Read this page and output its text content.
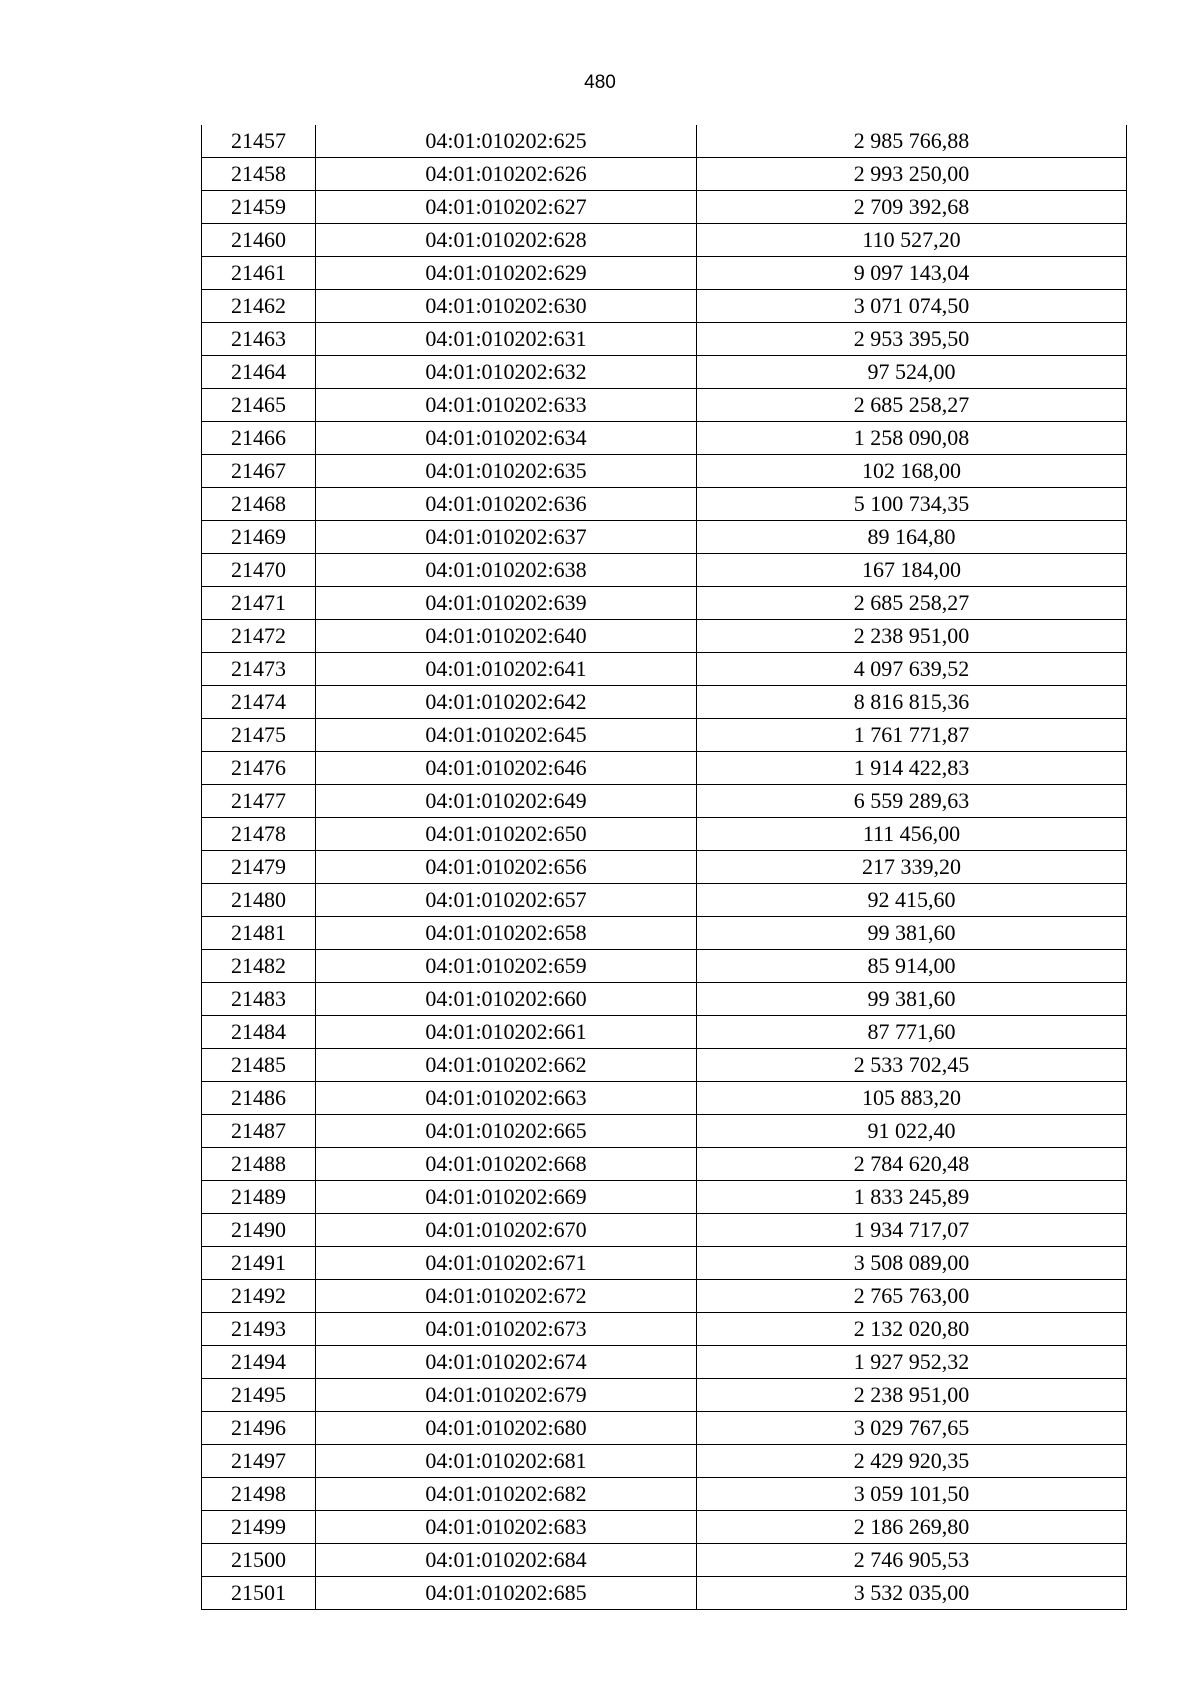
480
21457	04:01:010202:625	2 985 766,88
21458	04:01:010202:626	2 993 250,00
21459	04:01:010202:627	2 709 392,68
21460	04:01:010202:628	110 527,20
21461	04:01:010202:629	9 097 143,04
21462	04:01:010202:630	3 071 074,50
21463	04:01:010202:631	2 953 395,50
21464	04:01:010202:632	97 524,00
21465	04:01:010202:633	2 685 258,27
21466	04:01:010202:634	1 258 090,08
21467	04:01:010202:635	102 168,00
21468	04:01:010202:636	5 100 734,35
21469	04:01:010202:637	89 164,80
21470	04:01:010202:638	167 184,00
21471	04:01:010202:639	2 685 258,27
21472	04:01:010202:640	2 238 951,00
21473	04:01:010202:641	4 097 639,52
21474	04:01:010202:642	8 816 815,36
21475	04:01:010202:645	1 761 771,87
21476	04:01:010202:646	1 914 422,83
21477	04:01:010202:649	6 559 289,63
21478	04:01:010202:650	111 456,00
21479	04:01:010202:656	217 339,20
21480	04:01:010202:657	92 415,60
21481	04:01:010202:658	99 381,60
21482	04:01:010202:659	85 914,00
21483	04:01:010202:660	99 381,60
21484	04:01:010202:661	87 771,60
21485	04:01:010202:662	2 533 702,45
21486	04:01:010202:663	105 883,20
21487	04:01:010202:665	91 022,40
21488	04:01:010202:668	2 784 620,48
21489	04:01:010202:669	1 833 245,89
21490	04:01:010202:670	1 934 717,07
21491	04:01:010202:671	3 508 089,00
21492	04:01:010202:672	2 765 763,00
21493	04:01:010202:673	2 132 020,80
21494	04:01:010202:674	1 927 952,32
21495	04:01:010202:679	2 238 951,00
21496	04:01:010202:680	3 029 767,65
21497	04:01:010202:681	2 429 920,35
21498	04:01:010202:682	3 059 101,50
21499	04:01:010202:683	2 186 269,80
21500	04:01:010202:684	2 746 905,53
21501	04:01:010202:685	3 532 035,00
